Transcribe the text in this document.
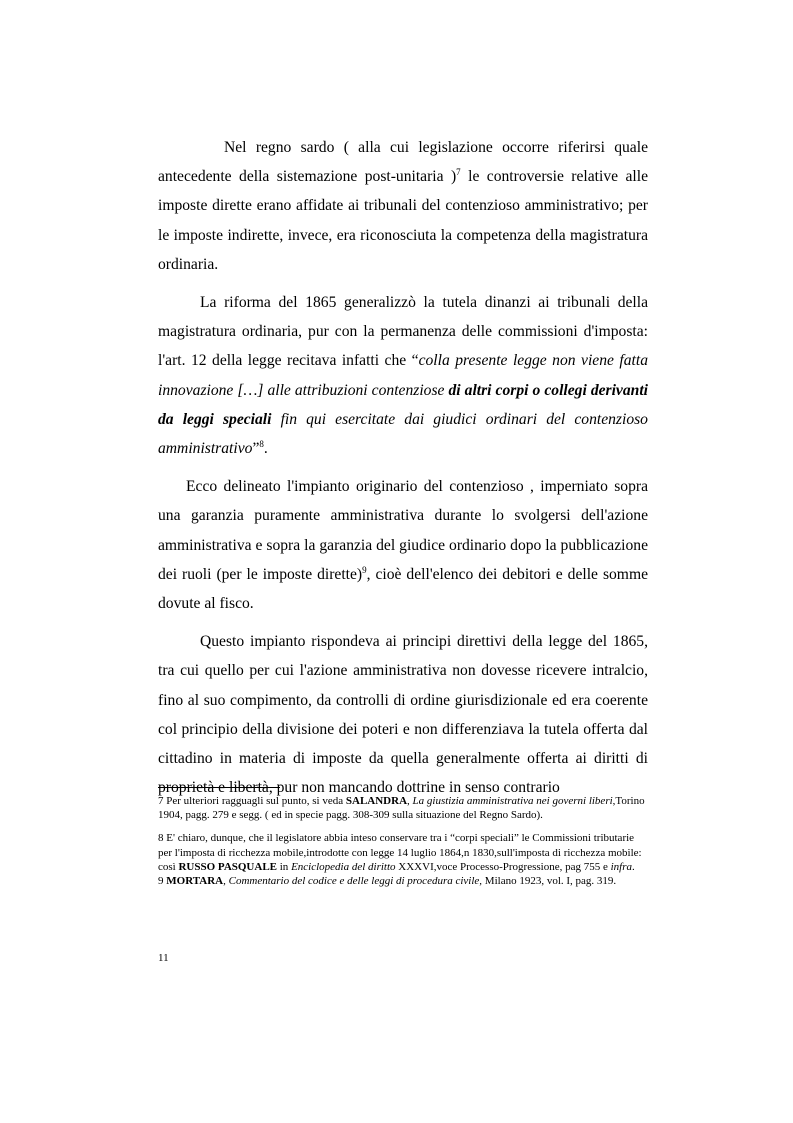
Nel regno sardo ( alla cui legislazione occorre riferirsi quale antecedente della sistemazione post-unitaria )$^7$ le controversie relative alle imposte dirette erano affidate ai tribunali del contenzioso amministrativo; per le imposte indirette, invece, era riconosciuta la competenza della magistratura ordinaria.

La riforma del 1865 generalizzò la tutela dinanzi ai tribunali della magistratura ordinaria, pur con la permanenza delle commissioni d'imposta: l'art. 12 della legge recitava infatti che “colla presente legge non viene fatta innovazione […] alle attribuzioni contenziose di altri corpi o collegi derivanti da leggi speciali fin qui esercitate dai giudici ordinari del contenzioso amministrativo”$^8$.

Ecco delineato l'impianto originario del contenzioso , imperniato sopra una garanzia puramente amministrativa durante lo svolgersi dell'azione amministrativa e sopra la garanzia del giudice ordinario dopo la pubblicazione dei ruoli (per le imposte dirette)$^9$, cioè dell'elenco dei debitori e delle somme dovute al fisco.

Questo impianto rispondeva ai principi direttivi della legge del 1865, tra cui quello per cui l'azione amministrativa non dovesse ricevere intralcio, fino al suo compimento, da controlli di ordine giurisdizionale ed era coerente col principio della divisione dei poteri e non differenziava la tutela offerta dal cittadino in materia di imposte da quella generalmente offerta ai diritti di proprietà e libertà, pur non mancando dottrine in senso contrario

7 Per ulteriori ragguagli sul punto, si veda SALANDRA, La giustizia amministrativa nei governi liberi,Torino 1904, pagg. 279 e segg. ( ed in specie pagg. 308-309 sulla situazione del Regno Sardo).

8 E' chiaro, dunque, che il legislatore abbia inteso conservare tra i “corpi speciali” le Commissioni tributarie per l'imposta di ricchezza mobile,introdotte con legge 14 luglio 1864,n 1830,sull'imposta di ricchezza mobile: così RUSSO PASQUALE in Enciclopedia del diritto XXXVI,voce Processo-Progressione, pag 755 e infra.

9 MORTARA, Commentario del codice e delle leggi di procedura civile, Milano 1923, vol. I, pag. 319.

11
